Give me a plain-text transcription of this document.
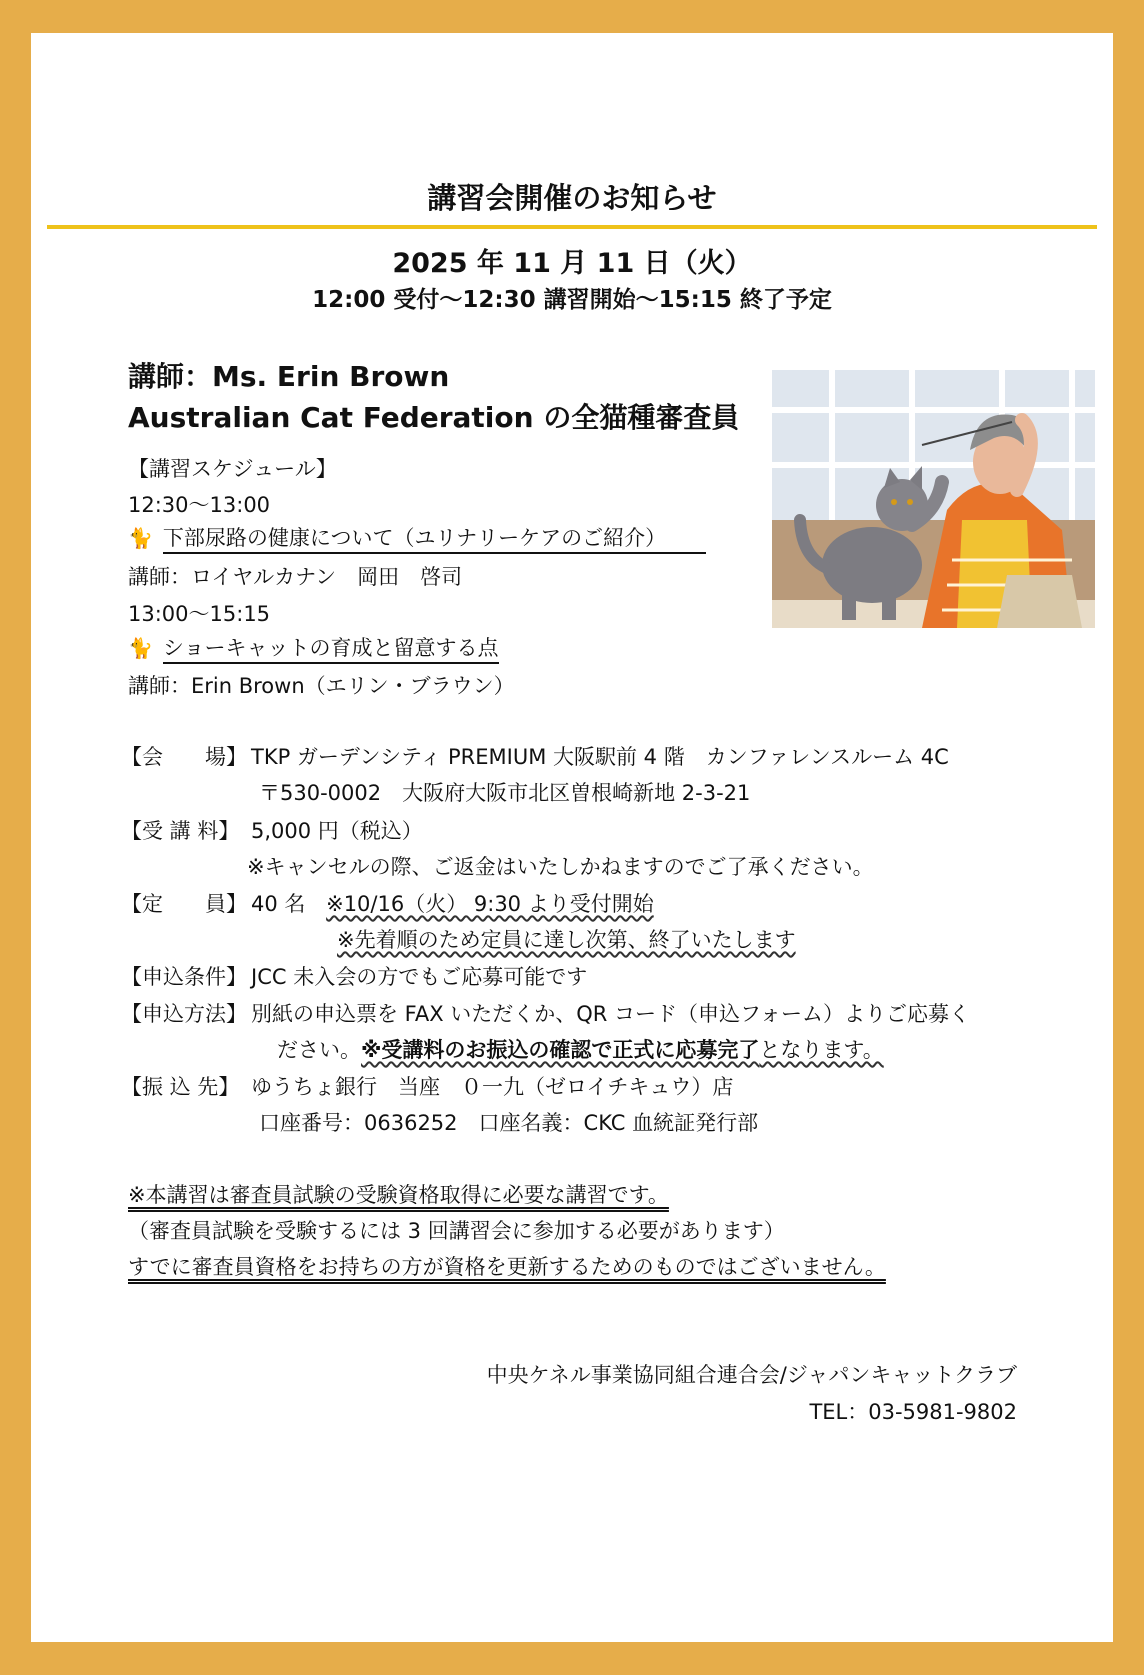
講習会開催のお知らせ
2025 年 11 月 11 日（火）
12:00 受付～12:30 講習開始～15:15 終了予定
講師：Ms. Erin Brown
Australian Cat Federation の全猫種審査員
【講習スケジュール】
12:30～13:00
🐈 下部尿路の健康について（ユリナリーケアのご紹介）
講師：ロイヤルカナン　岡田　啓司
13:00～15:15
🐈 ショーキャットの育成と留意する点
講師：Erin Brown（エリン・ブラウン）
【会　　場】 TKP ガーデンシティ PREMIUM 大阪駅前 4 階　カンファレンスルーム 4C
〒530-0002　大阪府大阪市北区曽根崎新地 2-3-21
【受 講 料】 5,000 円（税込）
※キャンセルの際、ご返金はいたしかねますのでご了承ください。
【定　　員】 40 名 ※10/16（火） 9:30 より受付開始
※先着順のため定員に達し次第、終了いたします
【申込条件】 JCC 未入会の方でもご応募可能です
【申込方法】 別紙の申込票を FAX いただくか、QR コード（申込フォーム）よりご応募く
ださい。※受講料のお振込の確認で正式に応募完了となります。
【振 込 先】 ゆうちょ銀行　当座　０一九（ゼロイチキュウ）店
口座番号：0636252　口座名義：CKC 血統証発行部
※本講習は審査員試験の受験資格取得に必要な講習です。
（審査員試験を受験するには 3 回講習会に参加する必要があります）
すでに審査員資格をお持ちの方が資格を更新するためのものではございません。
中央ケネル事業協同組合連合会/ジャパンキャットクラブ
TEL：03-5981-9802
